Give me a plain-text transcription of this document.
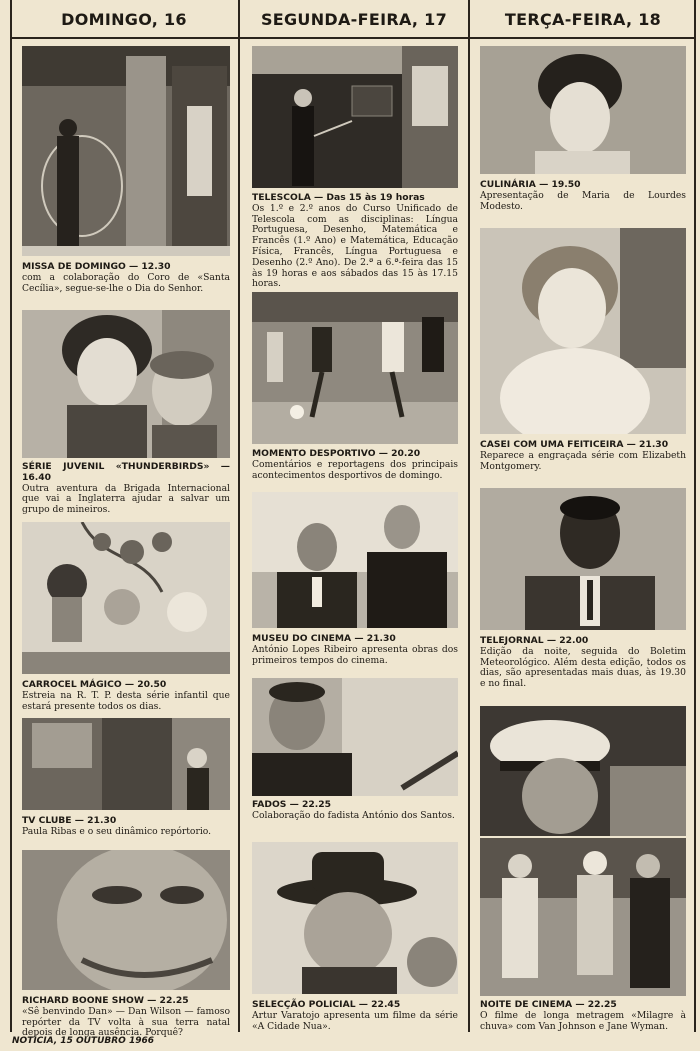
DOMINGO, 16	SEGUNDA-FEIRA, 17	TERÇA-FEIRA, 18
MISSA DE DOMINGO — 12.30
com a colaboração do Coro de «Santa Cecília», segue-se-lhe o Dia do Senhor.
SÉRIE JUVENIL «THUNDERBIRDS» — 16.40
Outra aventura da Brigada Internacional que vai a Inglaterra ajudar a salvar um grupo de mineiros.
CARROCEL MÁGICO — 20.50
Estreia na R. T. P. desta série infantil que estará presente todos os dias.
TV CLUBE — 21.30
Paula Ribas e o seu dinâmico repórtorio.
RICHARD BOONE SHOW — 22.25
«Sê benvindo Dan» — Dan Wilson — famoso repórter da TV volta à sua terra natal depois de longa ausência. Porquê?
TELESCOLA — Das 15 às 19 horas
Os 1.º e 2.º anos do Curso Unificado de Telescola com as disciplinas: Língua Portuguesa, Desenho, Matemática e Francês (1.º Ano) e Matemática, Educação Física, Francês, Língua Portuguesa e Desenho (2.º Ano). De 2.ª a 6.ª-feira das 15 às 19 horas e aos sábados das 15 às 17.15 horas.
MOMENTO DESPORTIVO — 20.20
Comentários e reportagens dos principais acontecimentos desportivos de domingo.
MUSEU DO CINEMA — 21.30
António Lopes Ribeiro apresenta obras dos primeiros tempos do cinema.
FADOS — 22.25
Colaboração do fadista António dos Santos.
SELECÇÃO POLICIAL — 22.45
Artur Varatojo apresenta um filme da série «A Cidade Nua».
CULINÁRIA — 19.50
Apresentação de Maria de Lourdes Modesto.
CASEI COM UMA FEITICEIRA — 21.30
Reparece a engraçada série com Elizabeth Montgomery.
TELEJORNAL — 22.00
Edição da noite, seguida do Boletim Meteorológico. Além desta edição, todos os dias, são apresentadas mais duas, às 19.30 e no final.
NOITE DE CINEMA — 22.25
O filme de longa metragem «Milagre à chuva» com Van Johnson e Jane Wyman.
NOTÍCIA, 15 OUTUBRO 1966
